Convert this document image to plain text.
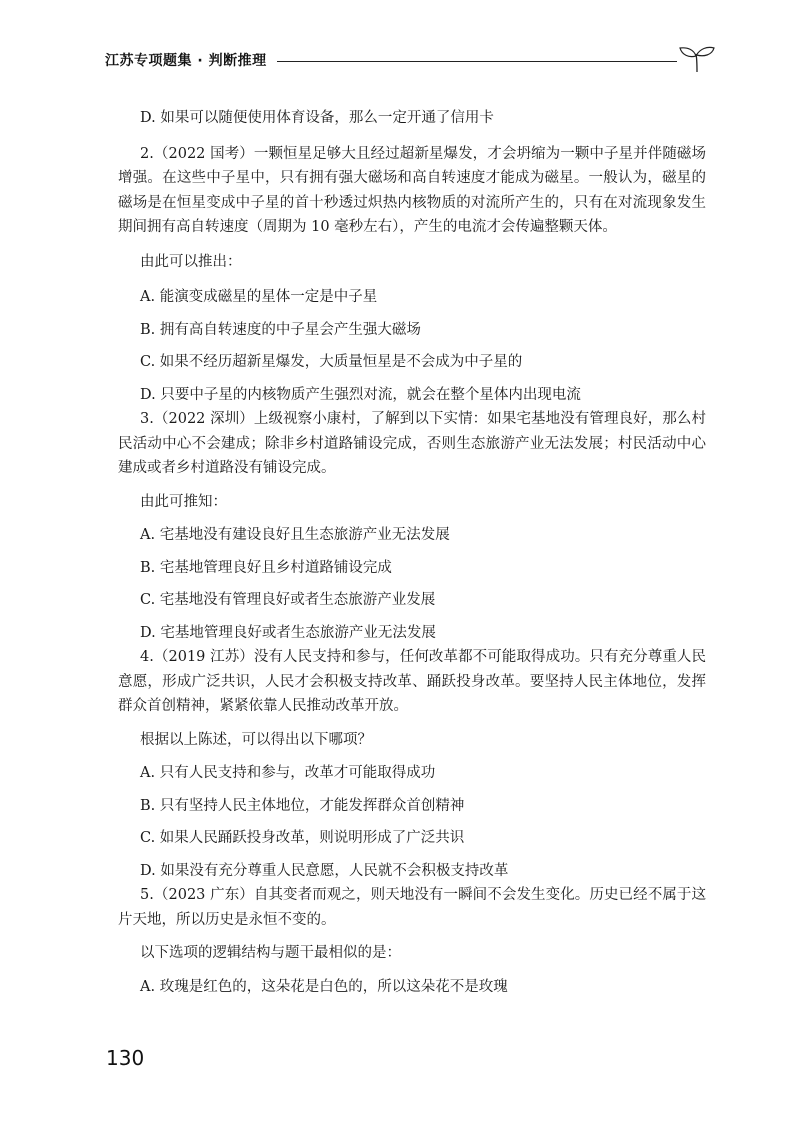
江苏专项题集 · 判断推理

D. 如果可以随便使用体育设备，那么一定开通了信用卡

2.（2022 国考）一颗恒星足够大且经过超新星爆发，才会坍缩为一颗中子星并伴随磁场增强。在这些中子星中，只有拥有强大磁场和高自转速度才能成为磁星。一般认为，磁星的磁场是在恒星变成中子星的首十秒透过炽热内核物质的对流所产生的，只有在对流现象发生期间拥有高自转速度（周期为 10 毫秒左右），产生的电流才会传遍整颗天体。

由此可以推出：

A. 能演变成磁星的星体一定是中子星

B. 拥有高自转速度的中子星会产生强大磁场

C. 如果不经历超新星爆发，大质量恒星是不会成为中子星的

D. 只要中子星的内核物质产生强烈对流，就会在整个星体内出现电流

3.（2022 深圳）上级视察小康村，了解到以下实情：如果宅基地没有管理良好，那么村民活动中心不会建成；除非乡村道路铺设完成，否则生态旅游产业无法发展；村民活动中心建成或者乡村道路没有铺设完成。

由此可推知：

A. 宅基地没有建设良好且生态旅游产业无法发展

B. 宅基地管理良好且乡村道路铺设完成

C. 宅基地没有管理良好或者生态旅游产业发展

D. 宅基地管理良好或者生态旅游产业无法发展

4.（2019 江苏）没有人民支持和参与，任何改革都不可能取得成功。只有充分尊重人民意愿，形成广泛共识，人民才会积极支持改革、踊跃投身改革。要坚持人民主体地位，发挥群众首创精神，紧紧依靠人民推动改革开放。

根据以上陈述，可以得出以下哪项？

A. 只有人民支持和参与，改革才可能取得成功

B. 只有坚持人民主体地位，才能发挥群众首创精神

C. 如果人民踊跃投身改革，则说明形成了广泛共识

D. 如果没有充分尊重人民意愿，人民就不会积极支持改革

5.（2023 广东）自其变者而观之，则天地没有一瞬间不会发生变化。历史已经不属于这片天地，所以历史是永恒不变的。

以下选项的逻辑结构与题干最相似的是：

A. 玫瑰是红色的，这朵花是白色的，所以这朵花不是玫瑰

130
